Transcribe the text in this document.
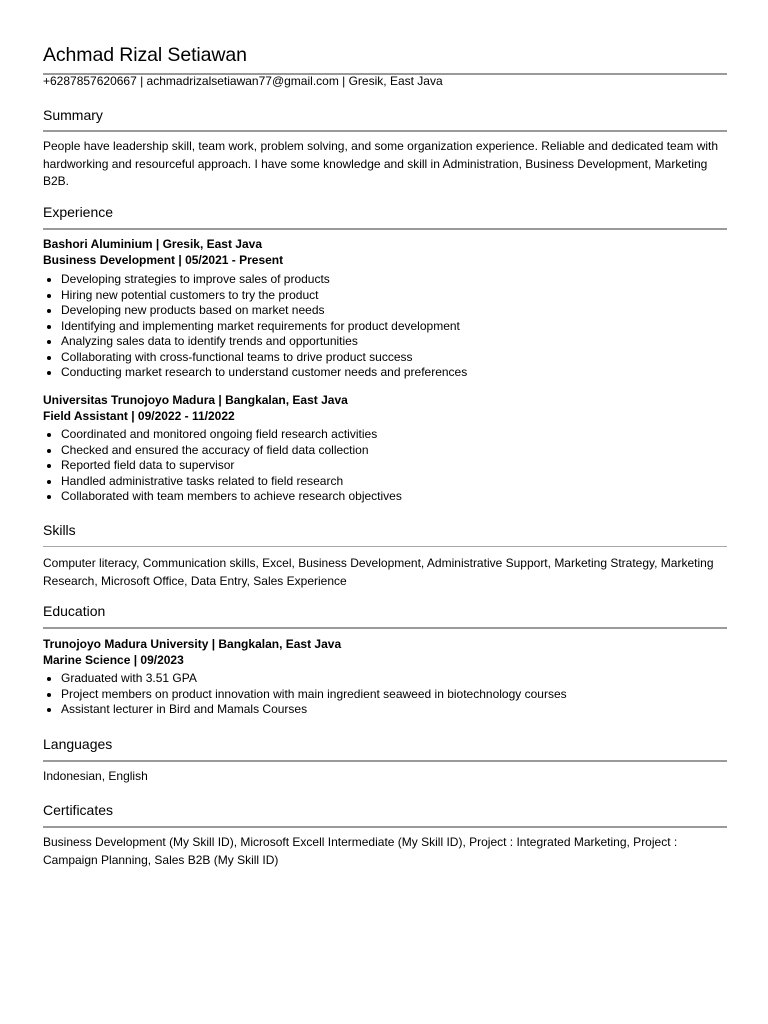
Achmad Rizal Setiawan
+6287857620667 | achmadrizalsetiawan77@gmail.com | Gresik, East Java
Summary

People have leadership skill, team work, problem solving, and some organization experience. Reliable and dedicated team with hardworking and resourceful approach. I have some knowledge and skill in Administration, Business Development, Marketing B2B.

Experience
Bashori Aluminium | Gresik, East Java
Business Development | 05/2021 - Present
• Developing strategies to improve sales of products
• Hiring new potential customers to try the product
• Developing new products based on market needs
• Identifying and implementing market requirements for product development
• Analyzing sales data to identify trends and opportunities
• Collaborating with cross-functional teams to drive product success
• Conducting market research to understand customer needs and preferences
Universitas Trunojoyo Madura | Bangkalan, East Java
Field Assistant | 09/2022 - 11/2022
• Coordinated and monitored ongoing field research activities
• Checked and ensured the accuracy of field data collection
• Reported field data to supervisor
• Handled administrative tasks related to field research
• Collaborated with team members to achieve research objectives
Skills

Computer literacy, Communication skills, Excel, Business Development, Administrative Support, Marketing Strategy, Marketing Research, Microsoft Office, Data Entry, Sales Experience

Education
Trunojoyo Madura University | Bangkalan, East Java
Marine Science | 09/2023
• Graduated with 3.51 GPA
• Project members on product innovation with main ingredient seaweed in biotechnology courses
• Assistant lecturer in Bird and Mamals Courses
Languages

Indonesian, English

Certificates

Business Development (My Skill ID), Microsoft Excell Intermediate (My Skill ID), Project : Integrated Marketing, Project : Campaign Planning, Sales B2B (My Skill ID)
